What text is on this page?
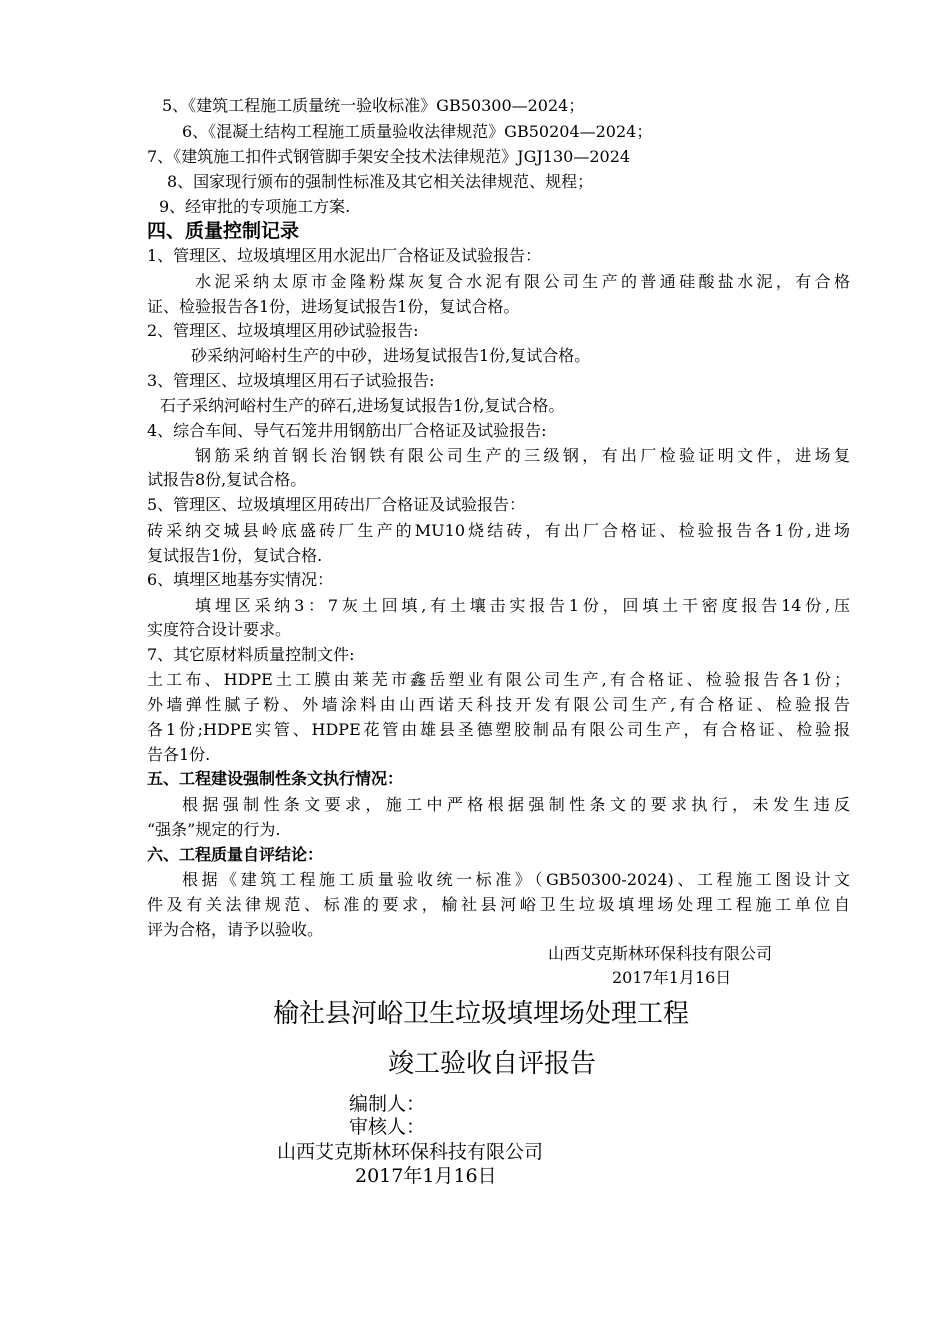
5、《建筑工程施工质量统一验收标准》GB50300—2024；
6、《混凝土结构工程施工质量验收法律规范》GB50204—2024；
7、《建筑施工扣件式钢管脚手架安全技术法律规范》JGJ130—2024
8、国家现行颁布的强制性标准及其它相关法律规范、规程；
9、经审批的专项施工方案.
四、质量控制记录
1、管理区、垃圾填埋区用水泥出厂合格证及试验报告：
水泥采纳太原市金隆粉煤灰复合水泥有限公司生产的普通硅酸盐水泥，有合格
证、检验报告各1份，进场复试报告1份，复试合格。
2、管理区、垃圾填埋区用砂试验报告:
砂采纳河峪村生产的中砂，进场复试报告1份,复试合格。
3、管理区、垃圾填埋区用石子试验报告:
石子采纳河峪村生产的碎石,进场复试报告1份,复试合格。
4、综合车间、导气石笼井用钢筋出厂合格证及试验报告:
钢筋采纳首钢长治钢铁有限公司生产的三级钢，有出厂检验证明文件，进场复
试报告8份,复试合格。
5、管理区、垃圾填埋区用砖出厂合格证及试验报告：
砖采纳交城县岭底盛砖厂生产的MU10烧结砖，有出厂合格证、检验报告各1份,进场
复试报告1份，复试合格.
6、填埋区地基夯实情况：
填埋区采纳3：7灰土回填,有土壤击实报告1份，回填土干密度报告14份,压
实度符合设计要求。
7、其它原材料质量控制文件:
土工布、HDPE土工膜由莱芜市鑫岳塑业有限公司生产,有合格证、检验报告各1份；
外墙弹性腻子粉、外墙涂料由山西诺天科技开发有限公司生产,有合格证、检验报告
各1份;HDPE实管、HDPE花管由雄县圣德塑胶制品有限公司生产，有合格证、检验报
告各1份.
五、工程建设强制性条文执行情况：
根据强制性条文要求，施工中严格根据强制性条文的要求执行，未发生违反
“强条”规定的行为.
六、工程质量自评结论：
根据《建筑工程施工质量验收统一标准》（GB50300-2024)、工程施工图设计文
件及有关法律规范、标准的要求，榆社县河峪卫生垃圾填埋场处理工程施工单位自
评为合格，请予以验收。
山西艾克斯林环保科技有限公司
2017年1月16日
榆社县河峪卫生垃圾填埋场处理工程
竣工验收自评报告
编制人：
审核人：
山西艾克斯林环保科技有限公司
2017年1月16日
